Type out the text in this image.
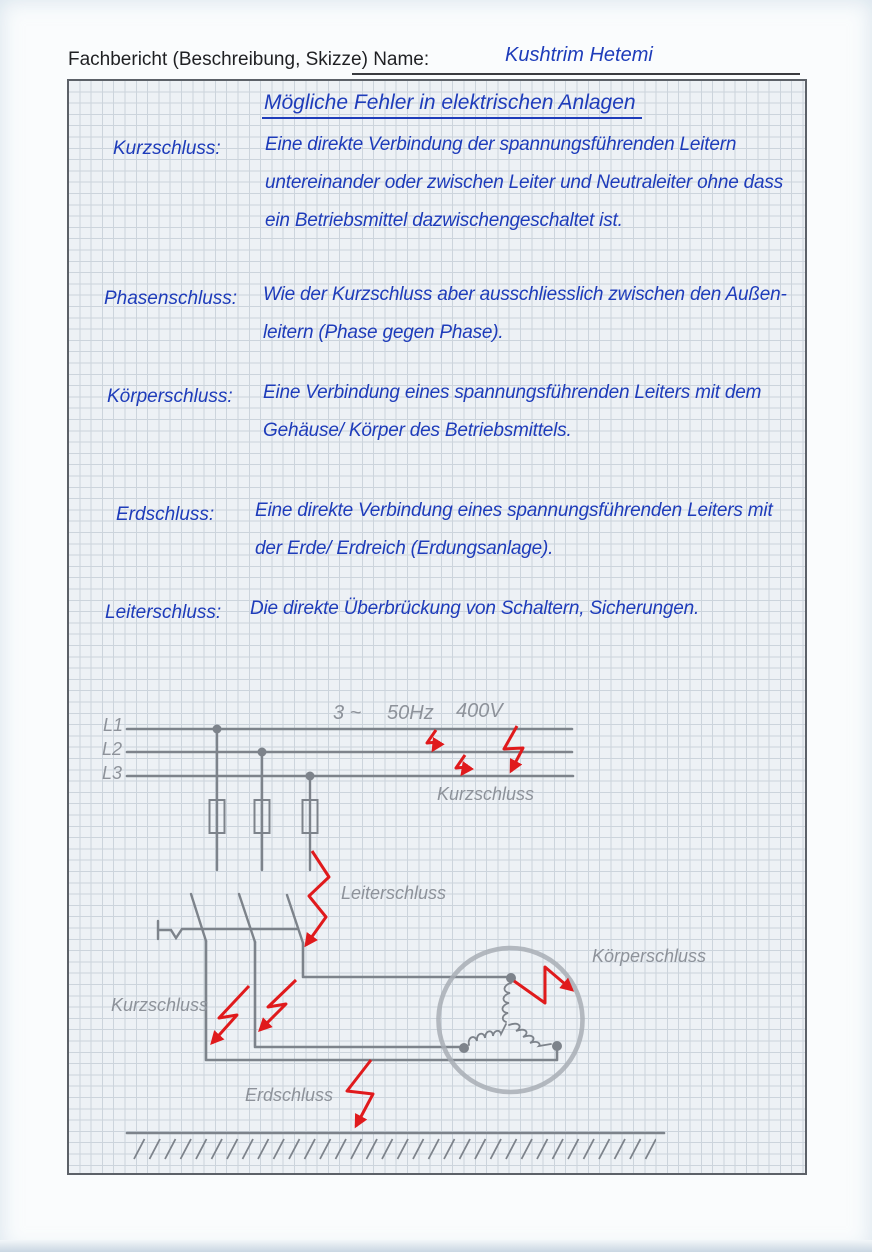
Fachbericht (Beschreibung, Skizze) Name:	Kushtrim Hetemi
Mögliche Fehler in elektrischen Anlagen
Kurzschluss: Eine direkte Verbindung der spannungsführenden Leitern
untereinander oder zwischen Leiter und Neutraleiter ohne dass
ein Betriebsmittel dazwischengeschaltet ist.
Phasenschluss: Wie der Kurzschluss aber ausschliesslich zwischen den Außen-
leitern (Phase gegen Phase).
Körperschluss: Eine Verbindung eines spannungsführenden Leiters mit dem
Gehäuse/ Körper des Betriebsmittels.
Erdschluss: Eine direkte Verbindung eines spannungsführenden Leiters mit
der Erde/ Erdreich (Erdungsanlage).
Leiterschluss: Die direkte Überbrückung von Schaltern, Sicherungen.
L1
L2
L3
3 ~ 50Hz 400V
Kurzschluss
Leiterschluss
Kurzschluss
Körperschluss
Erdschluss
